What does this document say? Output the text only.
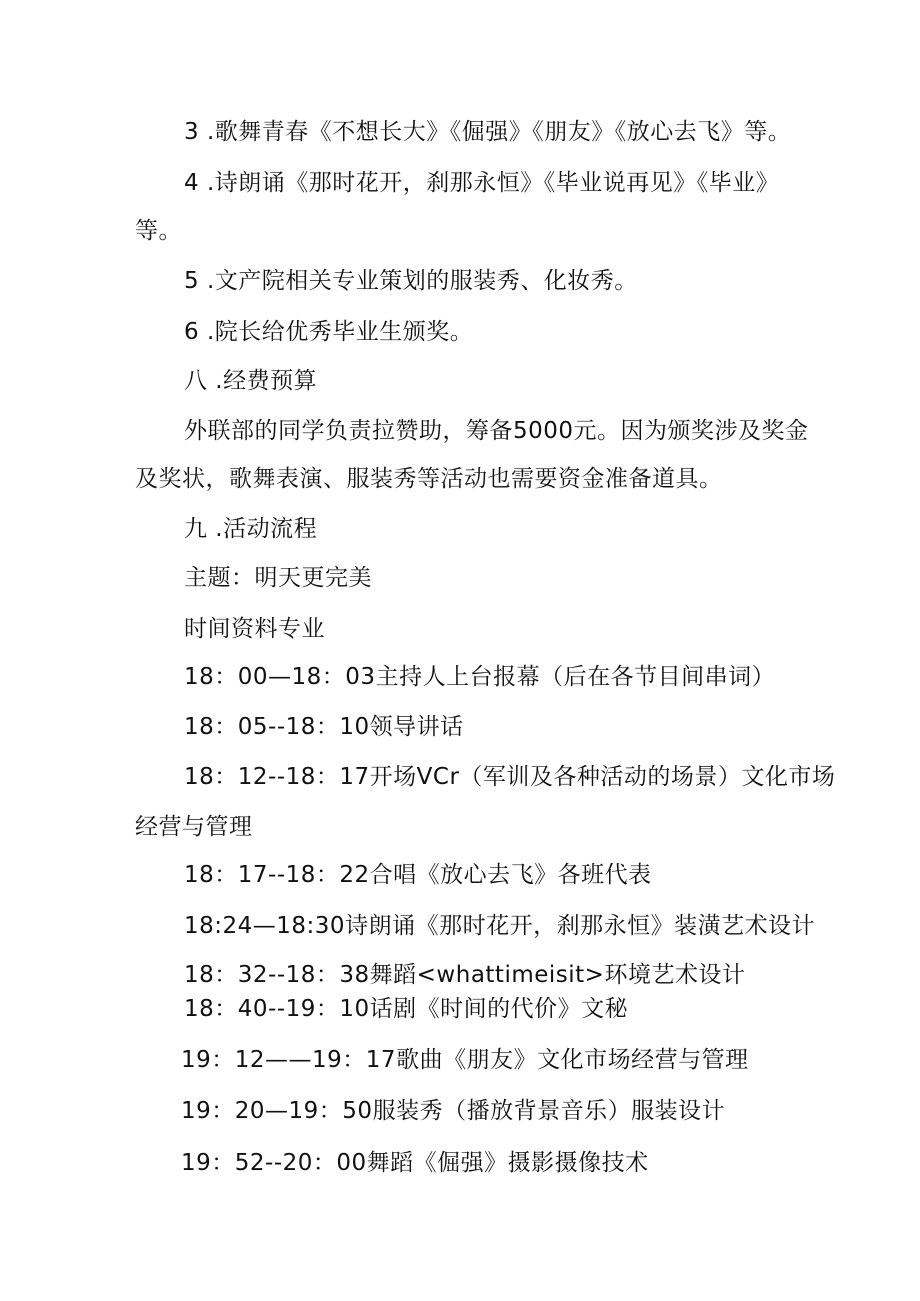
3 .歌舞青春《不想长大》《倔强》《朋友》《放心去飞》等。
4 .诗朗诵《那时花开，刹那永恒》《毕业说再见》《毕业》
等。
5 .文产院相关专业策划的服装秀、化妆秀。
6 .院长给优秀毕业生颁奖。
八 .经费预算
外联部的同学负责拉赞助，筹备5000元。因为颁奖涉及奖金
及奖状，歌舞表演、服装秀等活动也需要资金准备道具。
九 .活动流程
主题：明天更完美
时间资料专业
18：00—18：03主持人上台报幕（后在各节目间串词）
18：05--18：10领导讲话
18：12--18：17开场VCr（军训及各种活动的场景）文化市场
经营与管理
18：17--18：22合唱《放心去飞》各班代表
18:24—18:30诗朗诵《那时花开，刹那永恒》装潢艺术设计
18：32--18：38舞蹈<whattimeisit>环境艺术设计
18：40--19：10话剧《时间的代价》文秘
19：12——19：17歌曲《朋友》文化市场经营与管理
19：20—19：50服装秀（播放背景音乐）服装设计
19：52--20：00舞蹈《倔强》摄影摄像技术
